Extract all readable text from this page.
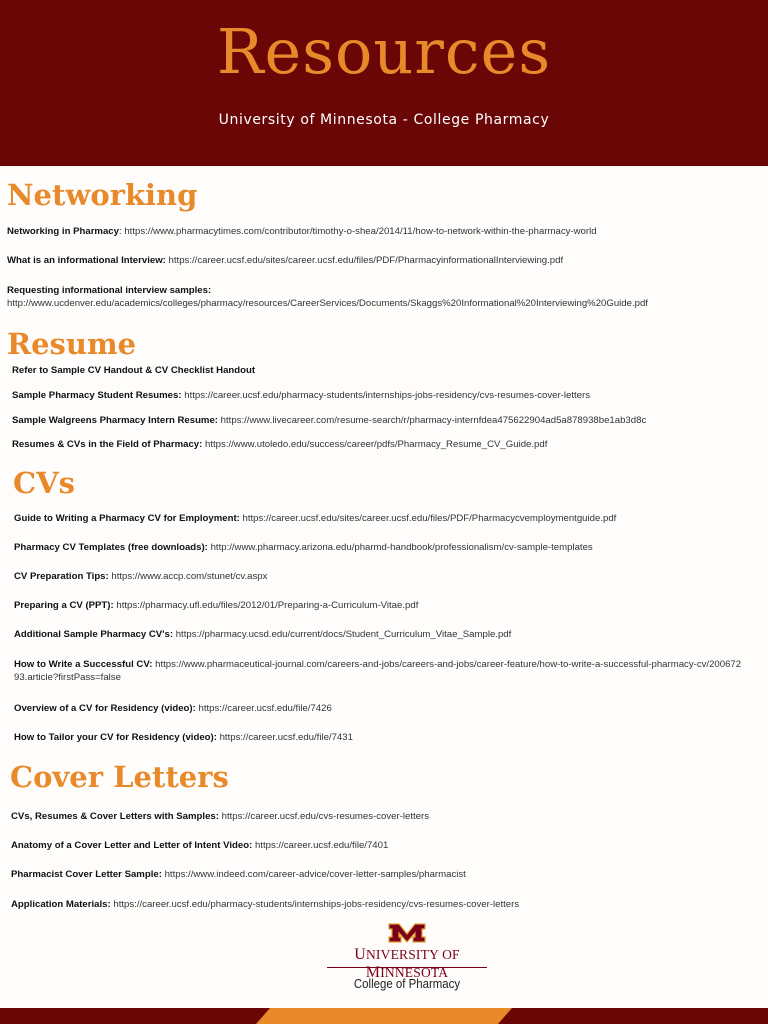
Resources
University of Minnesota - College Pharmacy
Networking
Networking in Pharmacy: https://www.pharmacytimes.com/contributor/timothy-o-shea/2014/11/how-to-network-within-the-pharmacy-world
What is an informational Interview: https://career.ucsf.edu/sites/career.ucsf.edu/files/PDF/PharmacyinformationalInterviewing.pdf
Requesting informational interview samples:
http://www.ucdenver.edu/academics/colleges/pharmacy/resources/CareerServices/Documents/Skaggs%20Informational%20Interviewing%20Guide.pdf
Resume
Refer to Sample CV Handout & CV Checklist Handout
Sample Pharmacy Student Resumes: https://career.ucsf.edu/pharmacy-students/internships-jobs-residency/cvs-resumes-cover-letters
Sample Walgreens Pharmacy Intern Resume: https://www.livecareer.com/resume-search/r/pharmacy-internfdea475622904ad5a878938be1ab3d8c
Resumes & CVs in the Field of Pharmacy: https://www.utoledo.edu/success/career/pdfs/Pharmacy_Resume_CV_Guide.pdf
CVs
Guide to Writing a Pharmacy CV for Employment: https://career.ucsf.edu/sites/career.ucsf.edu/files/PDF/Pharmacycvemploymentguide.pdf
Pharmacy CV Templates (free downloads): http://www.pharmacy.arizona.edu/pharmd-handbook/professionalism/cv-sample-templates
CV Preparation Tips: https://www.accp.com/stunet/cv.aspx
Preparing a CV (PPT): https://pharmacy.ufl.edu/files/2012/01/Preparing-a-Curriculum-Vitae.pdf
Additional Sample Pharmacy CV's: https://pharmacy.ucsd.edu/current/docs/Student_Curriculum_Vitae_Sample.pdf
How to Write a Successful CV: https://www.pharmaceutical-journal.com/careers-and-jobs/careers-and-jobs/career-feature/how-to-write-a-successful-pharmacy-cv/20067293.article?firstPass=false
Overview of a CV for Residency (video): https://career.ucsf.edu/file/7426
How to Tailor your CV for Residency (video): https://career.ucsf.edu/file/7431
Cover Letters
CVs, Resumes & Cover Letters with Samples: https://career.ucsf.edu/cvs-resumes-cover-letters
Anatomy of a Cover Letter and Letter of Intent Video: https://career.ucsf.edu/file/7401
Pharmacist Cover Letter Sample: https://www.indeed.com/career-advice/cover-letter-samples/pharmacist
Application Materials: https://career.ucsf.edu/pharmacy-students/internships-jobs-residency/cvs-resumes-cover-letters
UNIVERSITY OF MINNESOTA
College of Pharmacy
